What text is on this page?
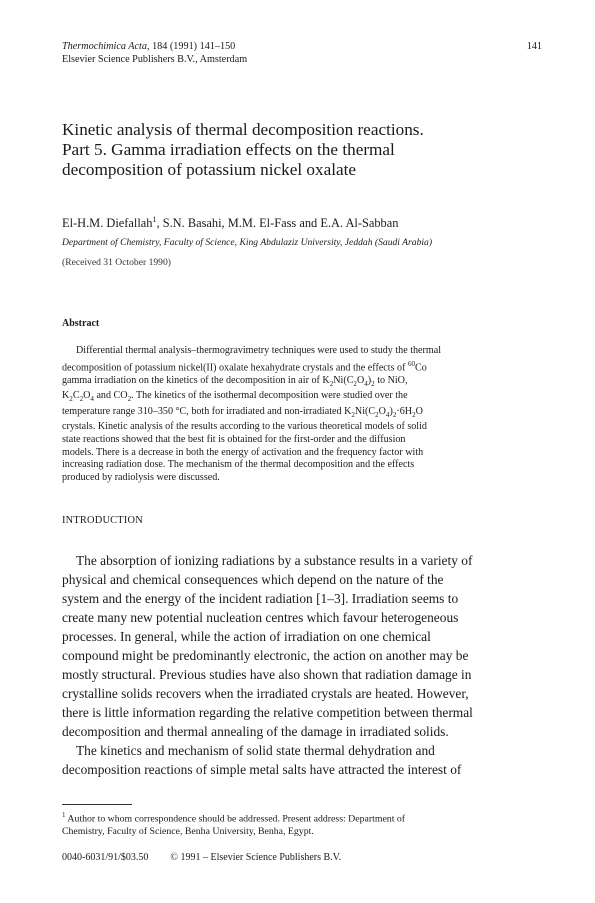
Thermochimica Acta, 184 (1991) 141–150
Elsevier Science Publishers B.V., Amsterdam
141
Kinetic analysis of thermal decomposition reactions.
Part 5. Gamma irradiation effects on the thermal
decomposition of potassium nickel oxalate
El-H.M. Diefallah$^1$, S.N. Basahi, M.M. El-Fass and E.A. Al-Sabban
Department of Chemistry, Faculty of Science, King Abdulaziz University, Jeddah (Saudi Arabia)
(Received 31 October 1990)
Abstract
Differential thermal analysis–thermogravimetry techniques were used to study the thermal
decomposition of potassium nickel(II) oxalate hexahydrate crystals and the effects of $^{60}$Co
gamma irradiation on the kinetics of the decomposition in air of $K_2Ni(C_2O_4)_2$ to NiO,
$K_2C_2O_4$ and $CO_2$. The kinetics of the isothermal decomposition were studied over the
temperature range 310–350 °C, both for irradiated and non-irradiated $K_2Ni(C_2O_4)_2\cdot 6H_2O$
crystals. Kinetic analysis of the results according to the various theoretical models of solid
state reactions showed that the best fit is obtained for the first-order and the diffusion
models. There is a decrease in both the energy of activation and the frequency factor with
increasing radiation dose. The mechanism of the thermal decomposition and the effects
produced by radiolysis were discussed.
INTRODUCTION
The absorption of ionizing radiations by a substance results in a variety of
physical and chemical consequences which depend on the nature of the
system and the energy of the incident radiation [1–3]. Irradiation seems to
create many new potential nucleation centres which favour heterogeneous
processes. In general, while the action of irradiation on one chemical
compound might be predominantly electronic, the action on another may be
mostly structural. Previous studies have also shown that radiation damage in
crystalline solids recovers when the irradiated crystals are heated. However,
there is little information regarding the relative competition between thermal
decomposition and thermal annealing of the damage in irradiated solids.
The kinetics and mechanism of solid state thermal dehydration and
decomposition reactions of simple metal salts have attracted the interest of
$^1$ Author to whom correspondence should be addressed. Present address: Department of
Chemistry, Faculty of Science, Benha University, Benha, Egypt.
0040-6031/91/$03.50 © 1991 – Elsevier Science Publishers B.V.
